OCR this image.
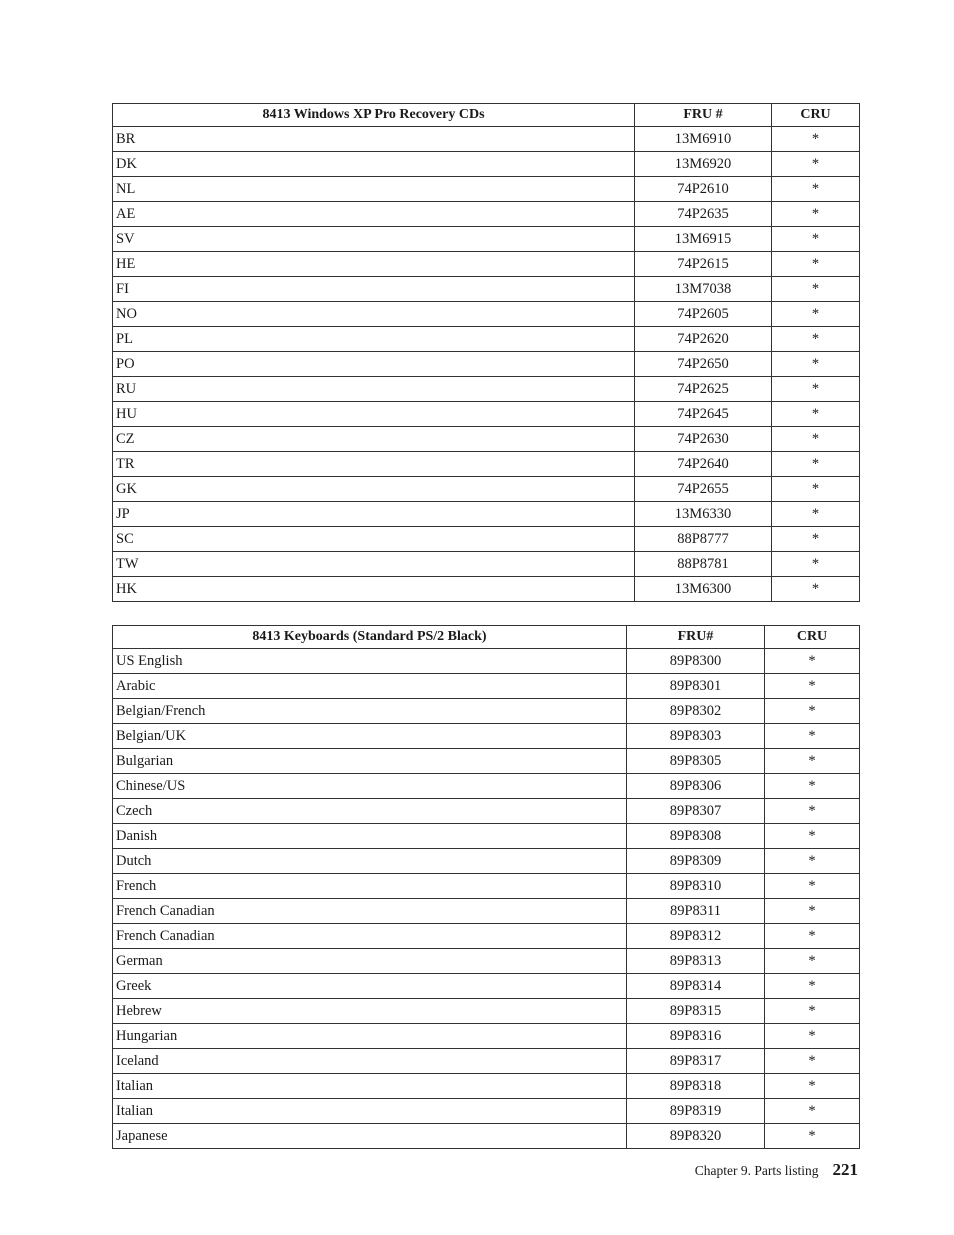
8413 Windows XP Pro Recovery CDs	FRU #	CRU
BR	13M6910	*
DK	13M6920	*
NL	74P2610	*
AE	74P2635	*
SV	13M6915	*
HE	74P2615	*
FI	13M7038	*
NO	74P2605	*
PL	74P2620	*
PO	74P2650	*
RU	74P2625	*
HU	74P2645	*
CZ	74P2630	*
TR	74P2640	*
GK	74P2655	*
JP	13M6330	*
SC	88P8777	*
TW	88P8781	*
HK	13M6300	*
8413 Keyboards (Standard PS/2 Black)	FRU#	CRU
US English	89P8300	*
Arabic	89P8301	*
Belgian/French	89P8302	*
Belgian/UK	89P8303	*
Bulgarian	89P8305	*
Chinese/US	89P8306	*
Czech	89P8307	*
Danish	89P8308	*
Dutch	89P8309	*
French	89P8310	*
French Canadian	89P8311	*
French Canadian	89P8312	*
German	89P8313	*
Greek	89P8314	*
Hebrew	89P8315	*
Hungarian	89P8316	*
Iceland	89P8317	*
Italian	89P8318	*
Italian	89P8319	*
Japanese	89P8320	*
Chapter 9. Parts listing 221
